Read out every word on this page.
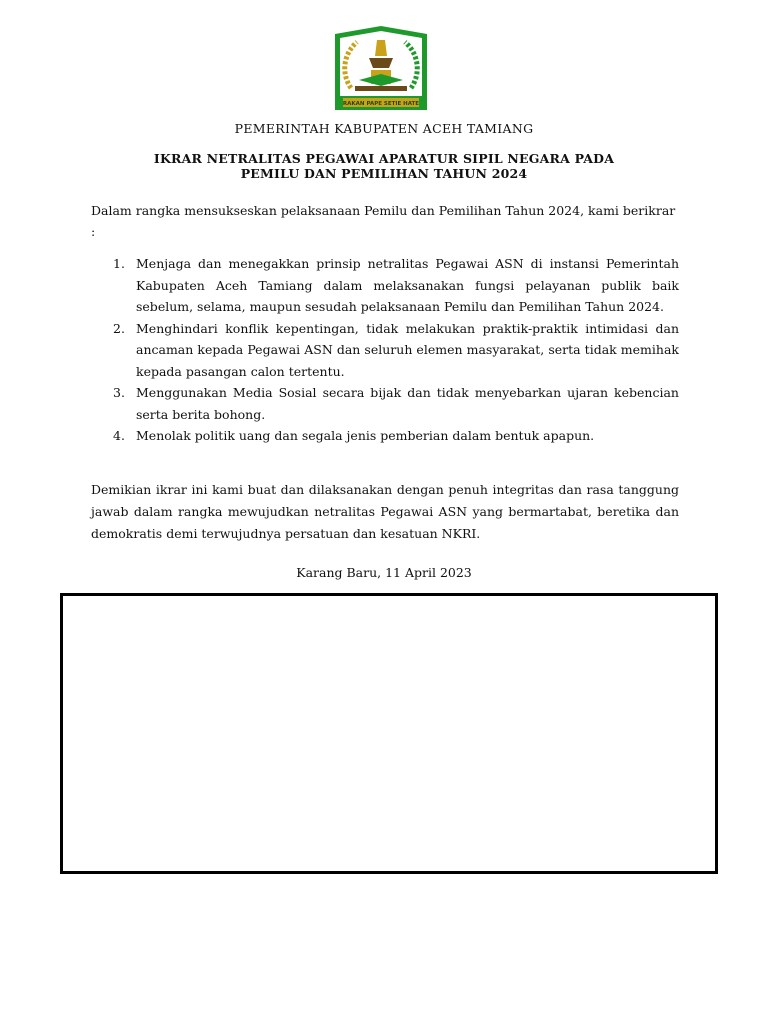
RAKAN PAPE SETIE HATE
PEMERINTAH KABUPATEN ACEH TAMIANG
IKRAR NETRALITAS PEGAWAI APARATUR SIPIL NEGARA PADA
PEMILU DAN PEMILIHAN TAHUN 2024
Dalam rangka mensukseskan pelaksanaan Pemilu dan Pemilihan Tahun 2024, kami berikrar :
1. Menjaga dan menegakkan prinsip netralitas Pegawai ASN di instansi Pemerintah Kabupaten Aceh Tamiang dalam melaksanakan fungsi pelayanan publik baik sebelum, selama, maupun sesudah pelaksanaan Pemilu dan Pemilihan Tahun 2024.
2. Menghindari konflik kepentingan, tidak melakukan praktik-praktik intimidasi dan ancaman kepada Pegawai ASN dan seluruh elemen masyarakat, serta tidak memihak kepada pasangan calon tertentu.
3. Menggunakan Media Sosial secara bijak dan tidak menyebarkan ujaran kebencian serta berita bohong.
4. Menolak politik uang dan segala jenis pemberian dalam bentuk apapun.
Demikian ikrar ini kami buat dan dilaksanakan dengan penuh integritas dan rasa tanggung jawab dalam rangka mewujudkan netralitas Pegawai ASN yang bermartabat, beretika dan demokratis demi terwujudnya persatuan dan kesatuan NKRI.
Karang Baru, 11 April 2023
